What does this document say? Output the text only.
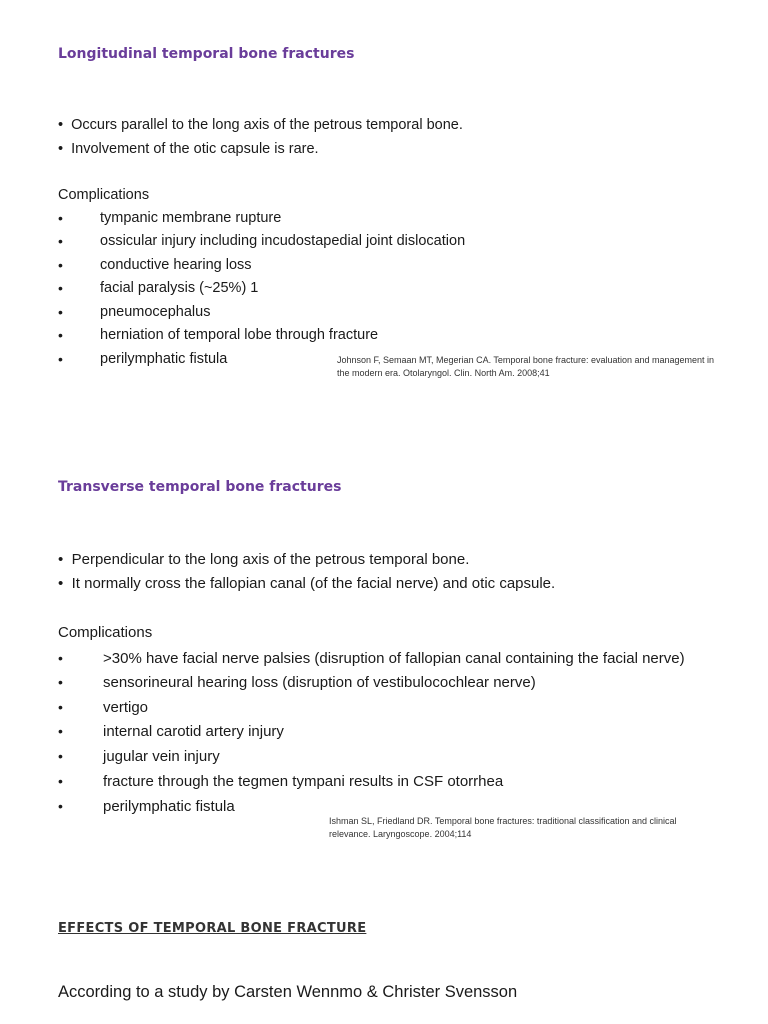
Longitudinal temporal bone fractures
• Occurs parallel to the long axis of the petrous temporal bone.
• Involvement of the otic capsule is rare.
Complications
•	tympanic membrane rupture
•	ossicular injury including incudostapedial joint dislocation
•	conductive hearing loss
•	facial paralysis (~25%) 1
•	pneumocephalus
•	herniation of temporal lobe through fracture
•	perilymphatic fistula	Johnson F, Semaan MT, Megerian CA. Temporal bone fracture: evaluation and management in
the modern era. Otolaryngol. Clin. North Am. 2008;41
Transverse temporal bone fractures
• Perpendicular to the long axis of the petrous temporal bone.
• It normally cross the fallopian canal (of the facial nerve) and otic capsule.
Complications
•	>30% have facial nerve palsies (disruption of fallopian canal containing the facial nerve)
•	sensorineural hearing loss (disruption of vestibulocochlear nerve)
•	vertigo
•	internal carotid artery injury
•	jugular vein injury
•	fracture through the tegmen tympani results in CSF otorrhea
•	perilymphatic fistula
Ishman SL, Friedland DR. Temporal bone fractures: traditional classification and clinical
relevance. Laryngoscope. 2004;114
EFFECTS OF TEMPORAL BONE FRACTURE
According to a study by Carsten Wennmo & Christer Svensson
